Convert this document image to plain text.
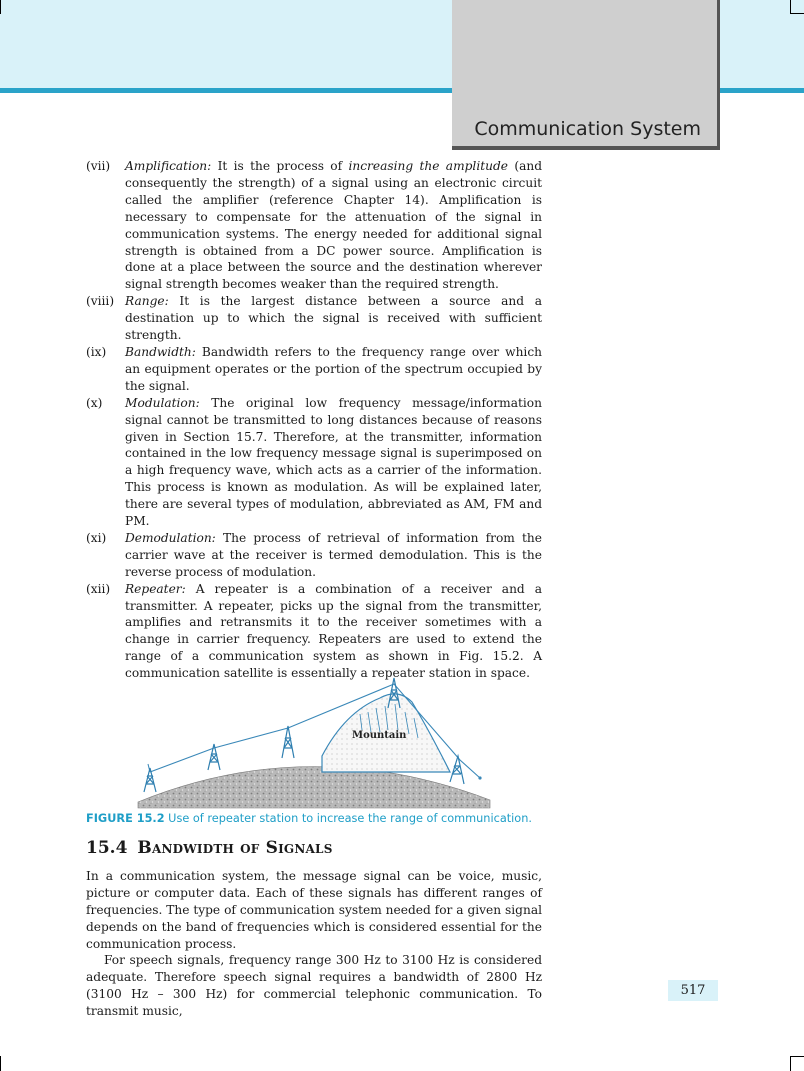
Communication System
(vii)	Amplification: It is the process of increasing the amplitude (and consequently the strength) of a signal using an electronic circuit called the amplifier (reference Chapter 14). Amplification is necessary to compensate for the attenuation of the signal in communication systems. The energy needed for additional signal strength is obtained from a DC power source. Amplification is done at a place between the source and the destination wherever signal strength becomes weaker than the required strength.
(viii) Range: It is the largest distance between a source and a destination up to which the signal is received with sufficient strength.
(ix)	Bandwidth: Bandwidth refers to the frequency range over which an equipment operates or the portion of the spectrum occupied by the signal.
(x)	Modulation: The original low frequency message/information signal cannot be transmitted to long distances because of reasons given in Section 15.7. Therefore, at the transmitter, information contained in the low frequency message signal is superimposed on a high frequency wave, which acts as a carrier of the information. This process is known as modulation. As will be explained later, there are several types of modulation, abbreviated as AM, FM and PM.
(xi)	Demodulation: The process of retrieval of information from the carrier wave at the receiver is termed demodulation. This is the reverse process of modulation.
(xii)	Repeater: A repeater is a combination of a receiver and a transmitter. A repeater, picks up the signal from the transmitter, amplifies and retransmits it to the receiver sometimes with a change in carrier frequency. Repeaters are used to extend the range of a communication system as shown in Fig. 15.2. A communication satellite is essentially a repeater station in space.
Mountain
FIGURE 15.2 Use of repeater station to increase the range of communication.
15.4 Bandwidth of Signals

In a communication system, the message signal can be voice, music, picture or computer data. Each of these signals has different ranges of frequencies. The type of communication system needed for a given signal depends on the band of frequencies which is considered essential for the communication process.

For speech signals, frequency range 300 Hz to 3100 Hz is considered adequate. Therefore speech signal requires a bandwidth of 2800 Hz (3100 Hz – 300 Hz) for commercial telephonic communication. To transmit music,

517
